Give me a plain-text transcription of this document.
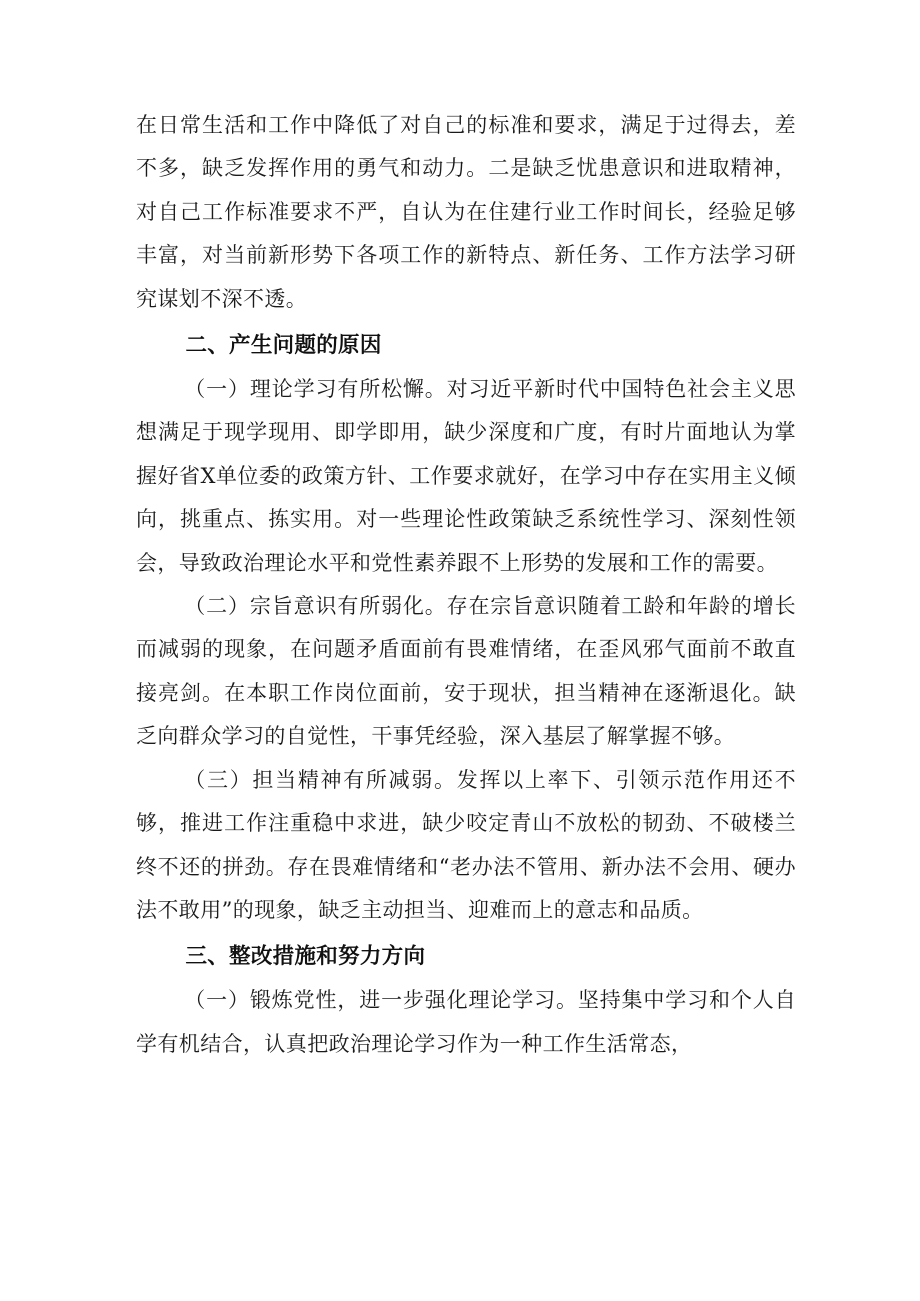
在日常生活和工作中降低了对自己的标准和要求，满足于过得去，差不多，缺乏发挥作用的勇气和动力。二是缺乏忧患意识和进取精神，对自己工作标准要求不严，自认为在住建行业工作时间长，经验足够丰富，对当前新形势下各项工作的新特点、新任务、工作方法学习研究谋划不深不透。

二、产生问题的原因

（一）理论学习有所松懈。对习近平新时代中国特色社会主义思想满足于现学现用、即学即用，缺少深度和广度，有时片面地认为掌握好省X单位委的政策方针、工作要求就好，在学习中存在实用主义倾向，挑重点、拣实用。对一些理论性政策缺乏系统性学习、深刻性领会，导致政治理论水平和党性素养跟不上形势的发展和工作的需要。

（二）宗旨意识有所弱化。存在宗旨意识随着工龄和年龄的增长而减弱的现象，在问题矛盾面前有畏难情绪，在歪风邪气面前不敢直接亮剑。在本职工作岗位面前，安于现状，担当精神在逐渐退化。缺乏向群众学习的自觉性，干事凭经验，深入基层了解掌握不够。

（三）担当精神有所减弱。发挥以上率下、引领示范作用还不够，推进工作注重稳中求进，缺少咬定青山不放松的韧劲、不破楼兰终不还的拼劲。存在畏难情绪和“老办法不管用、新办法不会用、硬办法不敢用”的现象，缺乏主动担当、迎难而上的意志和品质。

三、整改措施和努力方向

（一）锻炼党性，进一步强化理论学习。坚持集中学习和个人自学有机结合，认真把政治理论学习作为一种工作生活常态，
